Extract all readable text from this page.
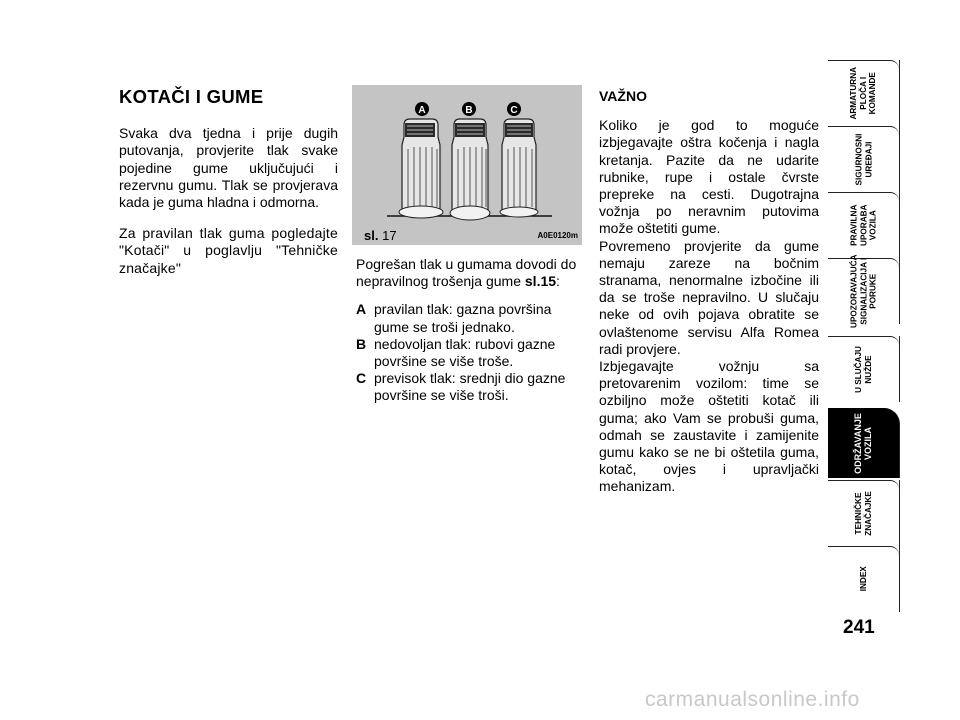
KOTAČI I GUME

Svaka dva tjedna i prije dugih putovanja, provjerite tlak svake pojedine gume uključujući i rezervnu gumu. Tlak se provjerava kada je guma hladna i odmorna.

Za pravilan tlak guma pogledajte "Kotači" u poglavlju "Tehničke značajke"

A	B	C
sl. 17	A0E0120m

Pogrešan tlak u gumama dovodi do nepravilnog trošenja gume sl.15:

A pravilan tlak: gazna površina gume se troši jednako.
B nedovoljan tlak: rubovi gazne površine se više troše.
C previsok tlak: srednji dio gazne površine se više troši.
VAŽNO

Koliko je god to moguće izbjegavajte oštra kočenja i nagla kretanja. Pazite da ne udarite rubnike, rupe i ostale čvrste prepreke na cesti. Dugotrajna vožnja po neravnim putovima može oštetiti gume.

Povremeno provjerite da gume nemaju zareze na bočnim stranama, nenormalne izbočine ili da se troše nepravilno. U slučaju neke od ovih pojava obratite se ovlaštenome servisu Alfa Romea radi provjere.

Izbjegavajte vožnju sa pretovarenim vozilom: time se ozbiljno može oštetiti kotač ili guma; ako Vam se probuši guma, odmah se zaustavite i zamijenite gumu kako se ne bi oštetila guma, kotač, ovjes i upravljački mehanizam.

ARMATURNA
PLOČA I
KOMANDE
SIGURNOSNI
UREĐAJI
PRAVILNA
UPORABA
VOZILA
UPOZORAVAJUĆA
SIGNALIZACIJA I
PORUKE
U SLUČAJU
NUŽDE
ODRŽAVANJE
VOZILA
TEHNIČKE
ZNAČAJKE
INDEX
241
carmanualsonline.info
